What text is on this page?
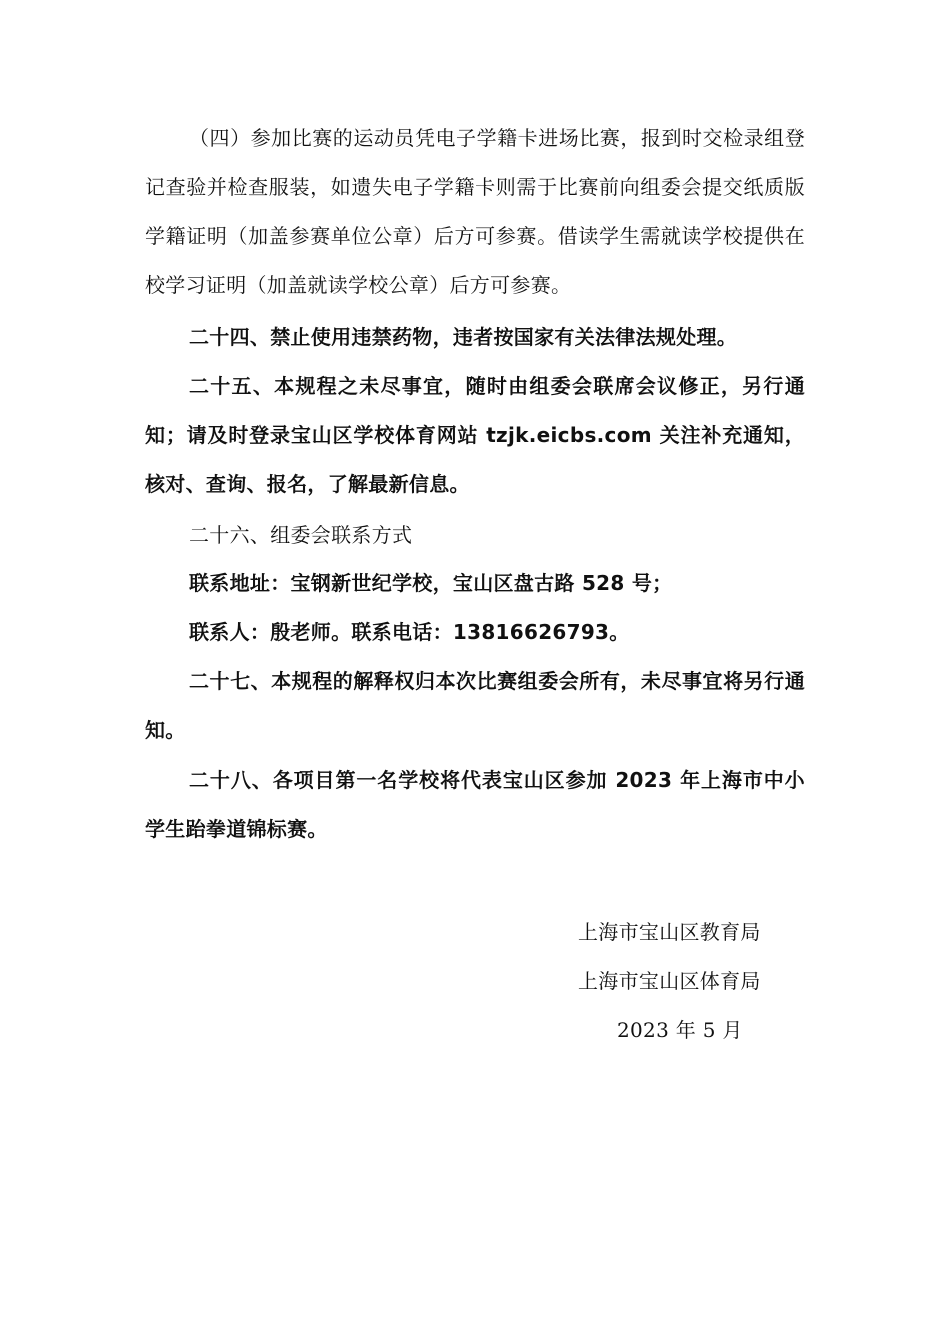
（四）参加比赛的运动员凭电子学籍卡进场比赛，报到时交检录组登记查验并检查服装，如遗失电子学籍卡则需于比赛前向组委会提交纸质版学籍证明（加盖参赛单位公章）后方可参赛。借读学生需就读学校提供在校学习证明（加盖就读学校公章）后方可参赛。

二十四、禁止使用违禁药物，违者按国家有关法律法规处理。

二十五、本规程之未尽事宜，随时由组委会联席会议修正，另行通知；请及时登录宝山区学校体育网站 tzjk.eicbs.com 关注补充通知，核对、查询、报名，了解最新信息。

二十六、组委会联系方式

联系地址：宝钢新世纪学校，宝山区盘古路 528 号；

联系人：殷老师。联系电话：13816626793。

二十七、本规程的解释权归本次比赛组委会所有，未尽事宜将另行通知。

二十八、各项目第一名学校将代表宝山区参加 2023 年上海市中小学生跆拳道锦标赛。

上海市宝山区教育局

上海市宝山区体育局

2023 年 5 月
